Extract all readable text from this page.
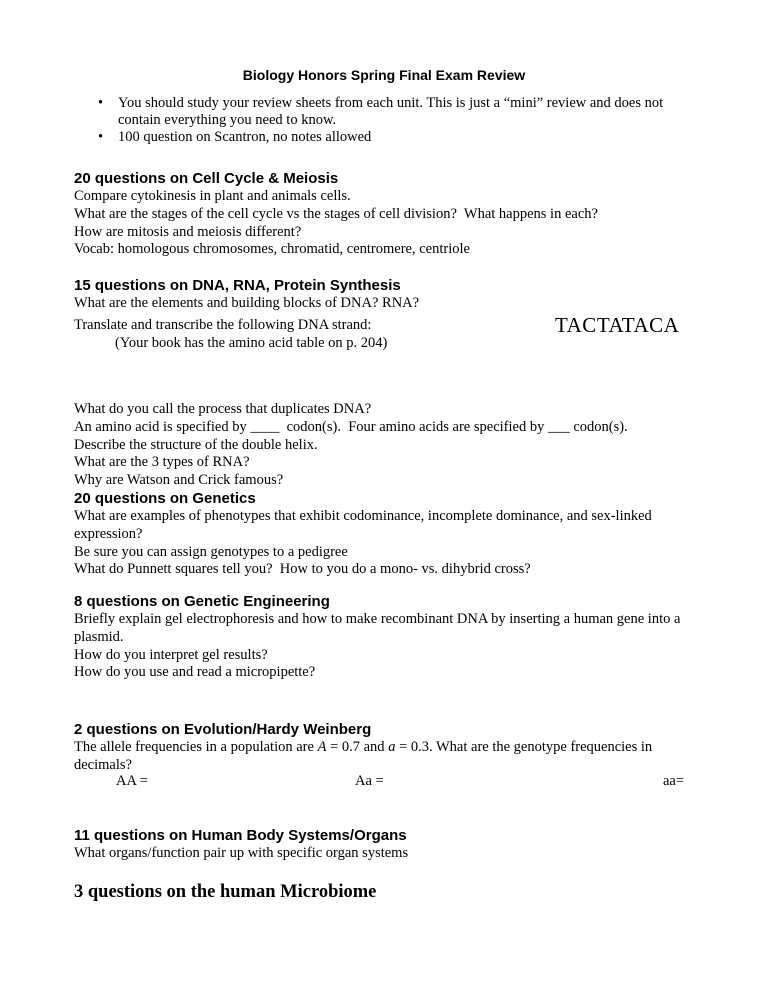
Biology Honors Spring Final Exam Review
• You should study your review sheets from each unit. This is just a “mini” review and does not contain everything you need to know.
• 100 question on Scantron, no notes allowed
20 questions on Cell Cycle & Meiosis
Compare cytokinesis in plant and animals cells.
What are the stages of the cell cycle vs the stages of cell division?  What happens in each?
How are mitosis and meiosis different?
Vocab: homologous chromosomes, chromatid, centromere, centriole
15 questions on DNA, RNA, Protein Synthesis
What are the elements and building blocks of DNA? RNA?
Translate and transcribe the following DNA strand:
(Your book has the amino acid table on p. 204)
TACTATACA
What do you call the process that duplicates DNA?
An amino acid is specified by ____  codon(s).  Four amino acids are specified by ___ codon(s).
Describe the structure of the double helix.
What are the 3 types of RNA?
Why are Watson and Crick famous?
20 questions on Genetics
What are examples of phenotypes that exhibit codominance, incomplete dominance, and sex-linked expression?
Be sure you can assign genotypes to a pedigree
What do Punnett squares tell you?  How to you do a mono- vs. dihybrid cross?
8 questions on Genetic Engineering
Briefly explain gel electrophoresis and how to make recombinant DNA by inserting a human gene into a plasmid.
How do you interpret gel results?
How do you use and read a micropipette?
2 questions on Evolution/Hardy Weinberg
The allele frequencies in a population are A = 0.7 and a = 0.3. What are the genotype frequencies in decimals?
AA =	Aa =	aa=
11 questions on Human Body Systems/Organs
What organs/function pair up with specific organ systems
3 questions on the human Microbiome
